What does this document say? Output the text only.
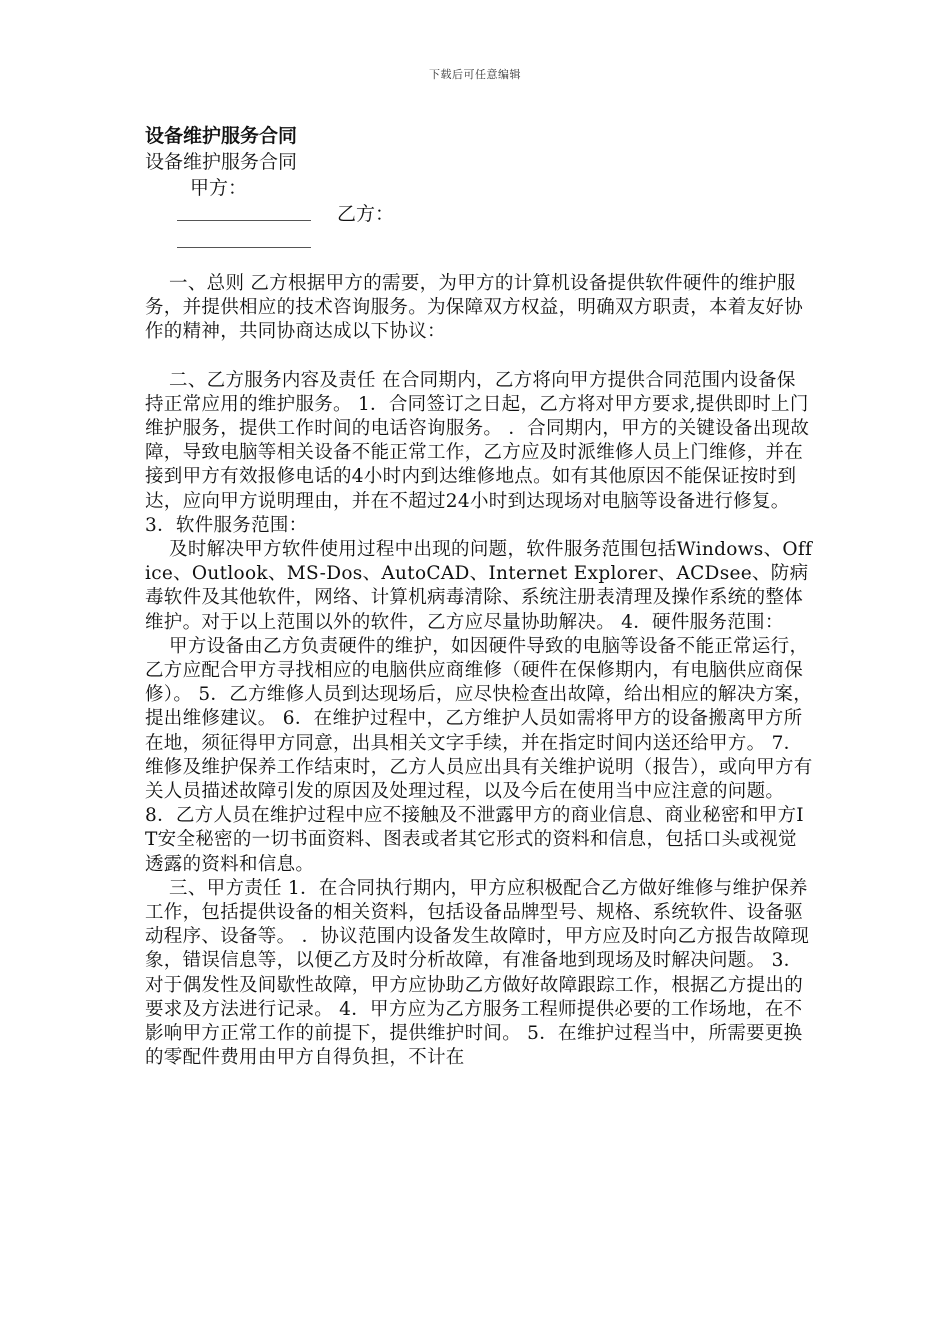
下载后可任意编辑
设备维护服务合同
设备维护服务合同
甲方：
乙方：

一、总则 乙方根据甲方的需要，为甲方的计算机设备提供软件硬件的维护服务，并提供相应的技术咨询服务。为保障双方权益，明确双方职责，本着友好协作的精神，共同协商达成以下协议：

二、乙方服务内容及责任 在合同期内，乙方将向甲方提供合同范围内设备保持正常应用的维护服务。 1．合同签订之日起，乙方将对甲方要求,提供即时上门维护服务，提供工作时间的电话咨询服务。 ．合同期内，甲方的关键设备出现故障，导致电脑等相关设备不能正常工作，乙方应及时派维修人员上门维修，并在接到甲方有效报修电话的4小时内到达维修地点。如有其他原因不能保证按时到达，应向甲方说明理由，并在不超过24小时到达现场对电脑等设备进行修复。 3．软件服务范围：

及时解决甲方软件使用过程中出现的问题，软件服务范围包括Windows、Office、Outlook、MS-Dos、AutoCAD、Internet Explorer、ACDsee、防病毒软件及其他软件，网络、计算机病毒清除、系统注册表清理及操作系统的整体维护。对于以上范围以外的软件，乙方应尽量协助解决。 4．硬件服务范围：

甲方设备由乙方负责硬件的维护，如因硬件导致的电脑等设备不能正常运行，乙方应配合甲方寻找相应的电脑供应商维修（硬件在保修期内，有电脑供应商保修）。 5．乙方维修人员到达现场后，应尽快检查出故障，给出相应的解决方案，提出维修建议。 6．在维护过程中，乙方维护人员如需将甲方的设备搬离甲方所在地，须征得甲方同意，出具相关文字手续，并在指定时间内送还给甲方。 7．维修及维护保养工作结束时，乙方人员应出具有关维护说明（报告），或向甲方有关人员描述故障引发的原因及处理过程，以及今后在使用当中应注意的问题。 8．乙方人员在维护过程中应不接触及不泄露甲方的商业信息、商业秘密和甲方IT安全秘密的一切书面资料、图表或者其它形式的资料和信息，包括口头或视觉透露的资料和信息。

三、甲方责任 1．在合同执行期内，甲方应积极配合乙方做好维修与维护保养工作，包括提供设备的相关资料，包括设备品牌型号、规格、系统软件、设备驱动程序、设备等。 ．协议范围内设备发生故障时，甲方应及时向乙方报告故障现象，错误信息等，以便乙方及时分析故障，有准备地到现场及时解决问题。 3．对于偶发性及间歇性故障，甲方应协助乙方做好故障跟踪工作，根据乙方提出的要求及方法进行记录。 4．甲方应为乙方服务工程师提供必要的工作场地，在不影响甲方正常工作的前提下，提供维护时间。 5．在维护过程当中，所需要更换的零配件费用由甲方自得负担，不计在
